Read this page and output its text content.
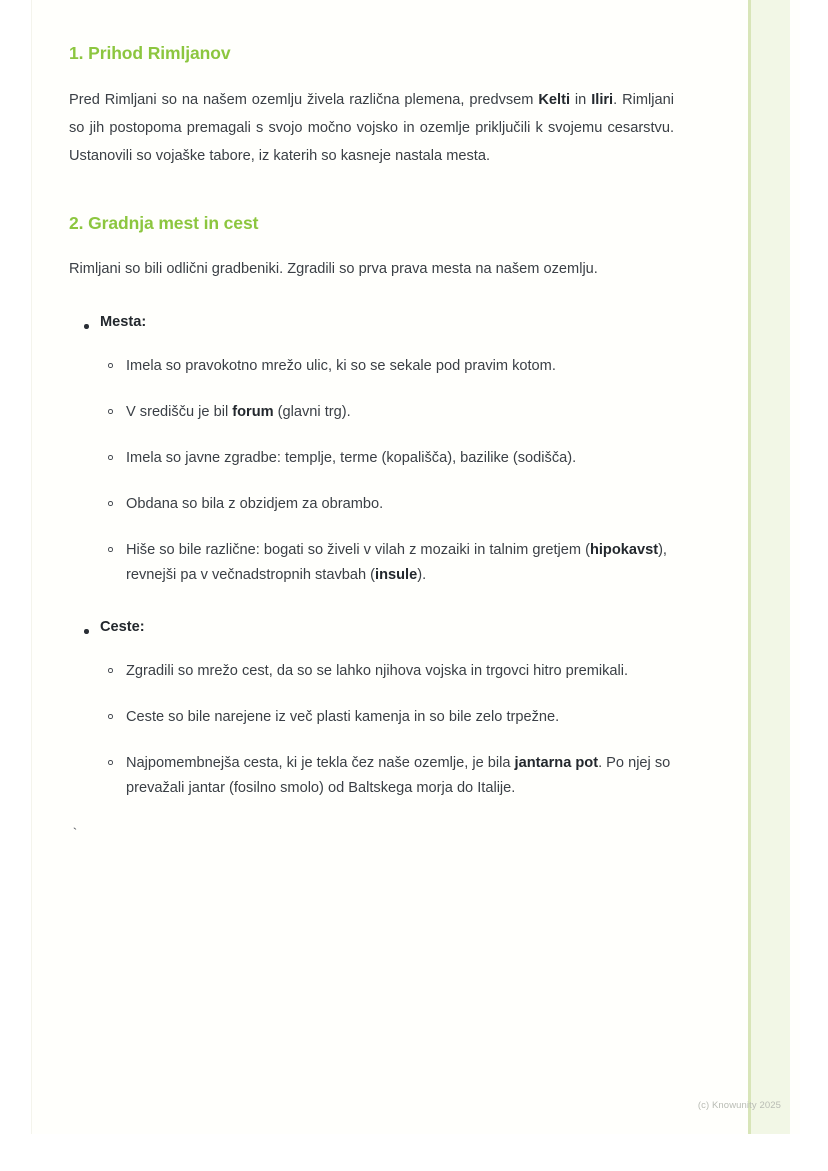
1. Prihod Rimljanov

Pred Rimljani so na našem ozemlju živela različna plemena, predvsem Kelti in Iliri. Rimljani so jih postopoma premagali s svojo močno vojsko in ozemlje priključili k svojemu cesarstvu. Ustanovili so vojaške tabore, iz katerih so kasneje nastala mesta.

2. Gradnja mest in cest

Rimljani so bili odlični gradbeniki. Zgradili so prva prava mesta na našem ozemlju.

Mesta:
Imela so pravokotno mrežo ulic, ki so se sekale pod pravim kotom.
V središču je bil forum (glavni trg).
Imela so javne zgradbe: templje, terme (kopališča), bazilike (sodišča).
Obdana so bila z obzidjem za obrambo.
Hiše so bile različne: bogati so živeli v vilah z mozaiki in talnim gretjem (hipokavst), revnejši pa v večnadstropnih stavbah (insule).
Ceste:
Zgradili so mrežo cest, da so se lahko njihova vojska in trgovci hitro premikali.
Ceste so bile narejene iz več plasti kamenja in so bile zelo trpežne.
Najpomembnejša cesta, ki je tekla čez naše ozemlje, je bila jantarna pot. Po njej so prevažali jantar (fosilno smolo) od Baltskega morja do Italije.
`
(c) Knowunity 2025
